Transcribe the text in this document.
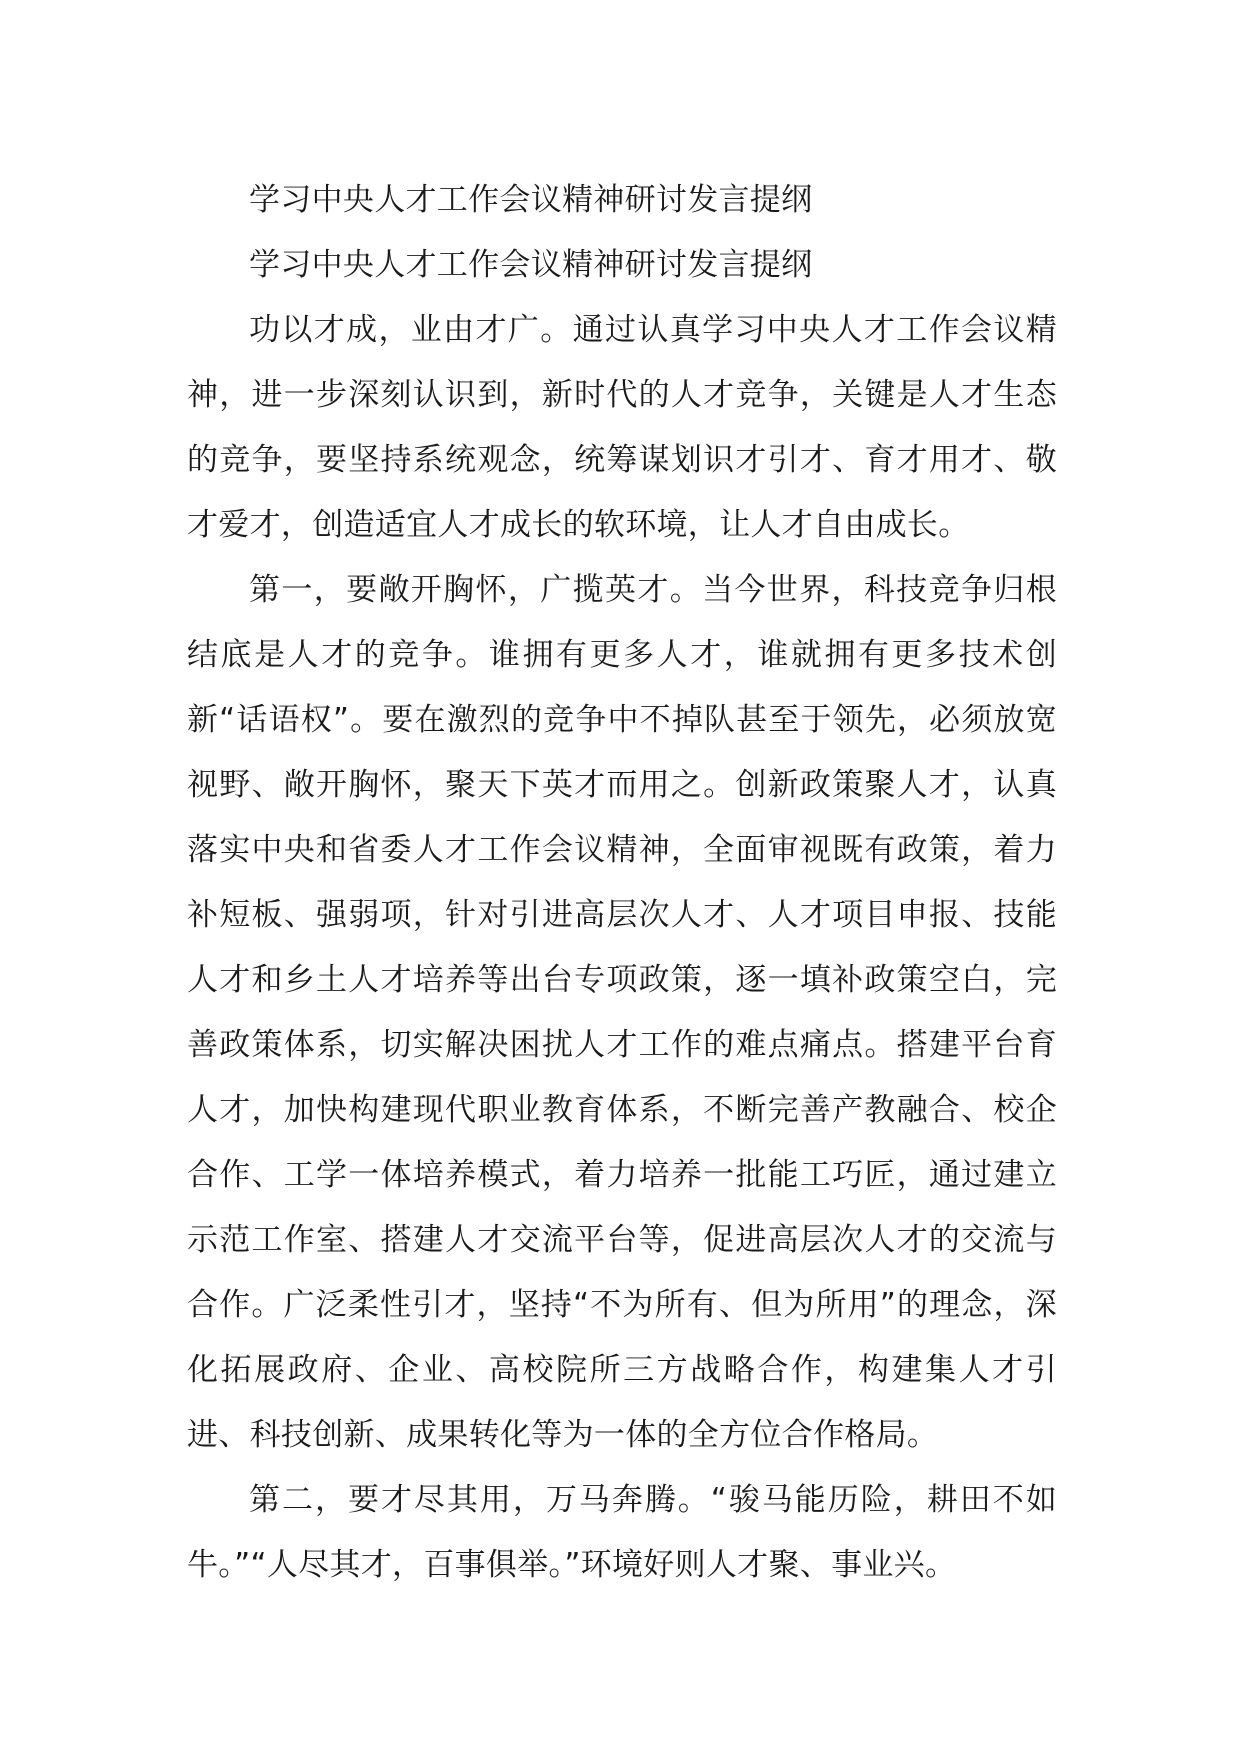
学习中央人才工作会议精神研讨发言提纲

学习中央人才工作会议精神研讨发言提纲

功以才成，业由才广。通过认真学习中央人才工作会议精神，进一步深刻认识到，新时代的人才竞争，关键是人才生态的竞争，要坚持系统观念，统筹谋划识才引才、育才用才、敬才爱才，创造适宜人才成长的软环境，让人才自由成长。

第一，要敞开胸怀，广揽英才。当今世界，科技竞争归根结底是人才的竞争。谁拥有更多人才，谁就拥有更多技术创新“话语权”。要在激烈的竞争中不掉队甚至于领先，必须放宽视野、敞开胸怀，聚天下英才而用之。创新政策聚人才，认真落实中央和省委人才工作会议精神，全面审视既有政策，着力补短板、强弱项，针对引进高层次人才、人才项目申报、技能人才和乡土人才培养等出台专项政策，逐一填补政策空白，完善政策体系，切实解决困扰人才工作的难点痛点。搭建平台育人才，加快构建现代职业教育体系，不断完善产教融合、校企合作、工学一体培养模式，着力培养一批能工巧匠，通过建立示范工作室、搭建人才交流平台等，促进高层次人才的交流与合作。广泛柔性引才，坚持“不为所有、但为所用”的理念，深化拓展政府、企业、高校院所三方战略合作，构建集人才引进、科技创新、成果转化等为一体的全方位合作格局。

第二，要才尽其用，万马奔腾。“骏马能历险，耕田不如牛。”“人尽其才，百事俱举。”环境好则人才聚、事业兴。
